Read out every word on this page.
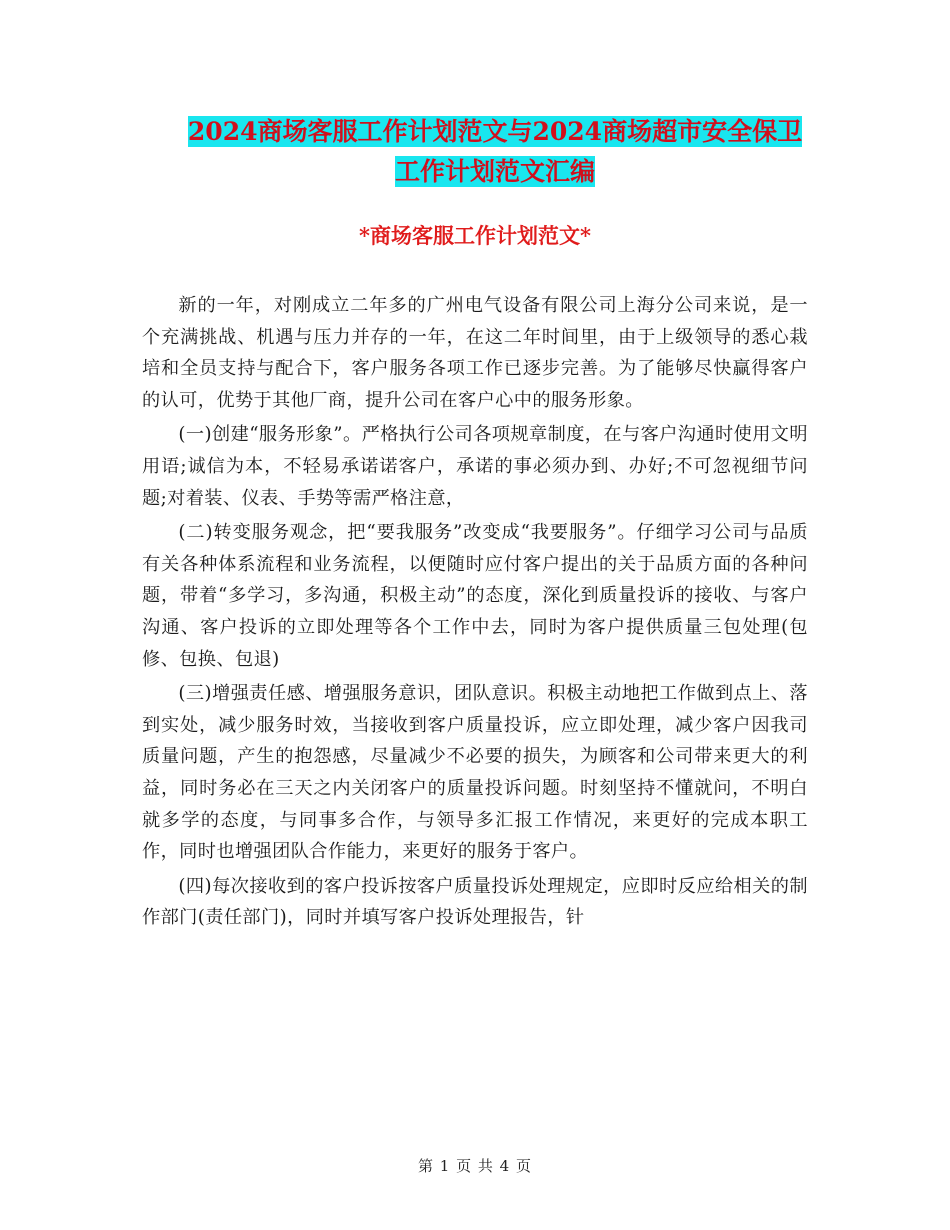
2024商场客服工作计划范文与2024商场超市安全保卫
工作计划范文汇编
*商场客服工作计划范文*

新的一年，对刚成立二年多的广州电气设备有限公司上海分公司来说，是一个充满挑战、机遇与压力并存的一年，在这二年时间里，由于上级领导的悉心栽培和全员支持与配合下，客户服务各项工作已逐步完善。为了能够尽快赢得客户的认可，优势于其他厂商，提升公司在客户心中的服务形象。

(一)创建“服务形象”。严格执行公司各项规章制度，在与客户沟通时使用文明用语;诚信为本，不轻易承诺诺客户，承诺的事必须办到、办好;不可忽视细节问题;对着装、仪表、手势等需严格注意，

(二)转变服务观念，把“要我服务”改变成“我要服务”。仔细学习公司与品质有关各种体系流程和业务流程，以便随时应付客户提出的关于品质方面的各种问题，带着“多学习，多沟通，积极主动”的态度，深化到质量投诉的接收、与客户沟通、客户投诉的立即处理等各个工作中去，同时为客户提供质量三包处理(包修、包换、包退)

(三)增强责任感、增强服务意识，团队意识。积极主动地把工作做到点上、落到实处，减少服务时效，当接收到客户质量投诉，应立即处理，减少客户因我司质量问题，产生的抱怨感，尽量减少不必要的损失，为顾客和公司带来更大的利益，同时务必在三天之内关闭客户的质量投诉问题。时刻坚持不懂就问，不明白就多学的态度，与同事多合作，与领导多汇报工作情况，来更好的完成本职工作，同时也增强团队合作能力，来更好的服务于客户。

(四)每次接收到的客户投诉按客户质量投诉处理规定，应即时反应给相关的制作部门(责任部门)，同时并填写客户投诉处理报告，针

第 1 页 共 4 页
